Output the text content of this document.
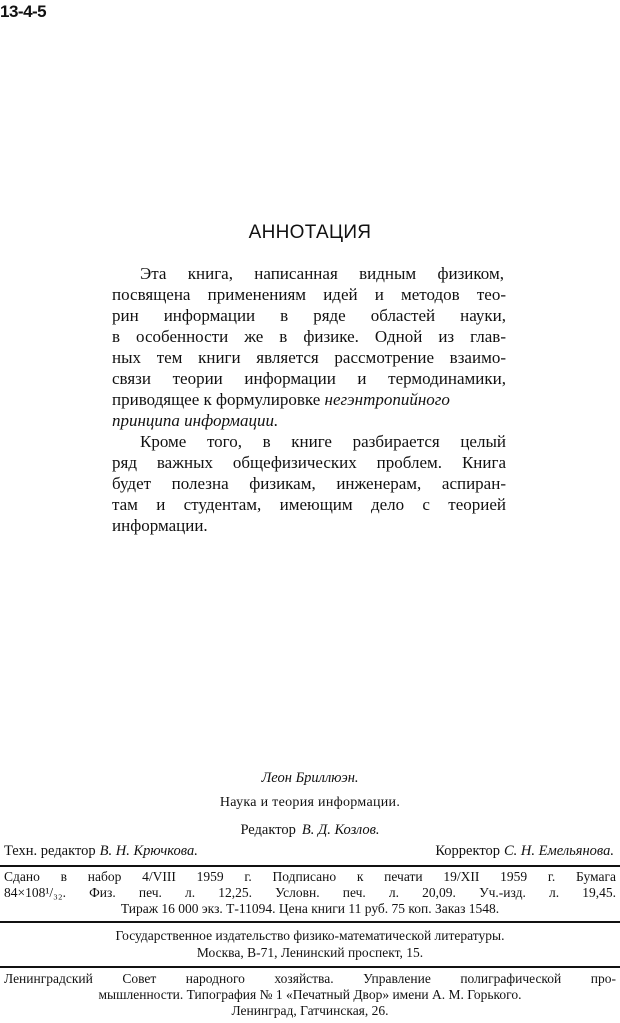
13-4-5
АННОТАЦИЯ
Эта книга, написанная видным физиком,
посвящена применениям идей и методов тео-
рин информации в ряде областей науки,
в особенности же в физике. Одной из глав-
ных тем книги является рассмотрение взаимо-
связи теории информации и термодинамики,
приводящее к формулировке негэнтропийного
принципа информации.
Кроме того, в книге разбирается целый
ряд важных общефизических проблем. Книга
будет полезна физикам, инженерам, аспиран-
там и студентам, имеющим дело с теорией
информации.
Леон Бриллюэн.
Наука и теория информации.
Редактор В. Д. Козлов.
Техн. редактор В. Н. Крючкова.	Корректор С. Н. Емельянова.
Сдано в набор 4/VIII 1959 г. Подписано к печати 19/XII 1959 г. Бумага
84×108¹/₃₂. Физ. печ. л. 12,25. Условн. печ. л. 20,09. Уч.-изд. л. 19,45.
Тираж 16 000 экз. Т-11094. Цена книги 11 руб. 75 коп. Заказ 1548.
Государственное издательство физико-математической литературы.
Москва, В-71, Ленинский проспект, 15.
Ленинградский Совет народного хозяйства. Управление полиграфической про-
мышленности. Типография № 1 «Печатный Двор» имени А. М. Горького.
Ленинград, Гатчинская, 26.
